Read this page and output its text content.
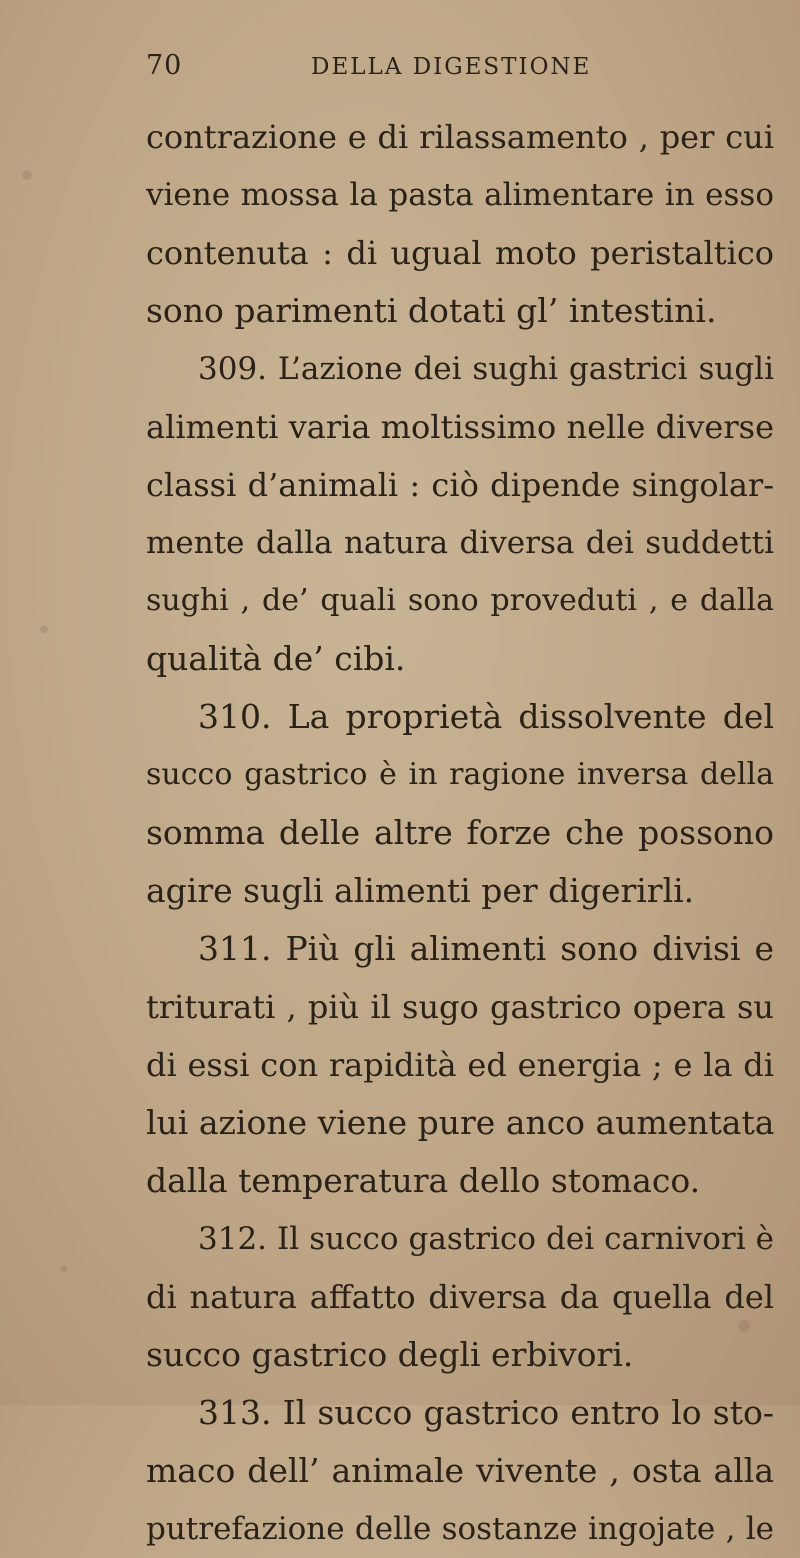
70	DELLA DIGESTIONE
contrazione e di rilassamento , per cui
viene mossa la pasta alimentare in esso
contenuta : di ugual moto peristaltico
sono parimenti dotati gl’ intestini.
309. L’azione dei sughi gastrici sugli
alimenti varia moltissimo nelle diverse
classi d’animali : ciò dipende singolar-
mente dalla natura diversa dei suddetti
sughi , de’ quali sono proveduti , e dalla
qualità de’ cibi.
310. La proprietà dissolvente del
succo gastrico è in ragione inversa della
somma delle altre forze che possono
agire sugli alimenti per digerirli.
311. Più gli alimenti sono divisi e
triturati , più il sugo gastrico opera su
di essi con rapidità ed energia ; e la di
lui azione viene pure anco aumentata
dalla temperatura dello stomaco.
312. Il succo gastrico dei carnivori è
di natura affatto diversa da quella del
succo gastrico degli erbivori.
313. Il succo gastrico entro lo sto-
maco dell’ animale vivente , osta alla
putrefazione delle sostanze ingojate , le
